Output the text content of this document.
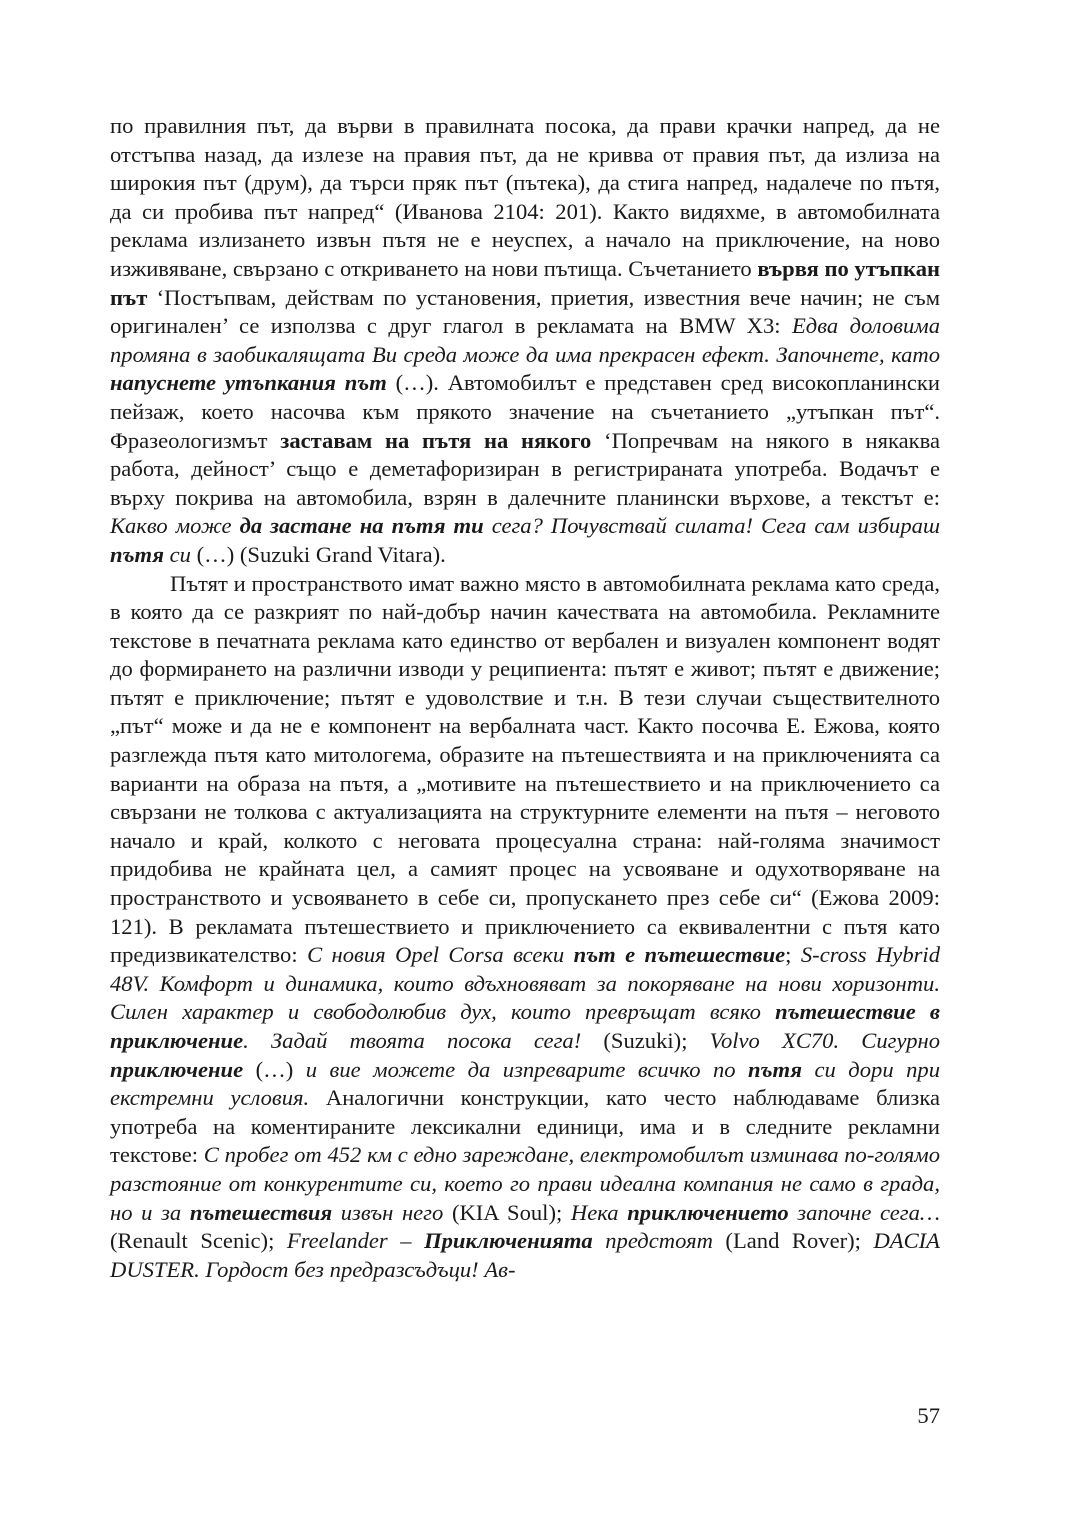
по правилния път, да върви в правилната посока, да прави крачки напред, да не отстъпва назад, да излезе на правия път, да не кривва от правия път, да излиза на широкия път (друм), да търси пряк път (пътека), да стига напред, надалече по пътя, да си пробива път напред“ (Иванова 2104: 201). Както видяхме, в автомобилната реклама излизането извън пътя не е неуспех, а начало на приключение, на ново изживяване, свързано с откриването на нови пътища. Съчетанието вървя по утъпкан път ‘Постъпвам, действам по установения, приетия, известния вече начин; не съм оригинален’ се използва с друг глагол в рекламата на BMW X3: Едва доловима промяна в заобикалящата Ви среда може да има прекрасен ефект. Започнете, като напуснете утъпкания път (…). Автомобилът е представен сред високопланински пейзаж, което насочва към прякото значение на съчетанието „утъпкан път“. Фразеологизмът заставам на пътя на някого ‘Попречвам на някого в някаква работа, дейност’ също е деметафоризиран в регистрираната употреба. Водачът е върху покрива на автомобила, взрян в далечните планински върхове, а текстът е: Какво може да застане на пътя ти сега? Почувствай силата! Сега сам избираш пътя си (…) (Suzuki Grand Vitara).

Пътят и пространството имат важно място в автомобилната реклама като среда, в която да се разкрият по най-добър начин качествата на автомобила. Рекламните текстове в печатната реклама като единство от вербален и визуален компонент водят до формирането на различни изводи у реципиента: пътят е живот; пътят е движение; пътят е приключение; пътят е удоволствие и т.н. В тези случаи съществителното „път“ може и да не е компонент на вербалната част. Както посочва Е. Ежова, която разглежда пътя като митологема, образите на пътешествията и на приключенията са варианти на образа на пътя, а „мотивите на пътешествието и на приключението са свързани не толкова с актуализацията на структурните елементи на пътя – неговото начало и край, колкото с неговата процесуална страна: най-голяма значимост придобива не крайната цел, а самият процес на усвояване и одухотворяване на пространството и усвояването в себе си, пропускането през себе си“ (Ежова 2009: 121). В рекламата пътешествието и приключението са еквивалентни с пътя като предизвикателство: С новия Opel Corsa всеки път е пътешествие; S-cross Hybrid 48V. Комфорт и динамика, които вдъхновяват за покоряване на нови хоризонти. Силен характер и свободолюбив дух, които превръщат всяко пътешествие в приключение. Задай твоята посока сега! (Suzuki); Volvo XC70. Сигурно приключение (…) и вие можете да изпреварите всичко по пътя си дори при екстремни условия. Аналогични конструкции, като често наблюдаваме близка употреба на коментираните лексикални единици, има и в следните рекламни текстове: С пробег от 452 км с едно зареждане, електромобилът изминава по-голямо разстояние от конкурентите си, което го прави идеална компания не само в града, но и за пътешествия извън него (KIA Soul); Нека приключението започне сега… (Renault Scenic); Freelander – Приключенията предстоят (Land Rover); DACIA DUSTER. Гордост без предразсъдъци! Ав-

57
